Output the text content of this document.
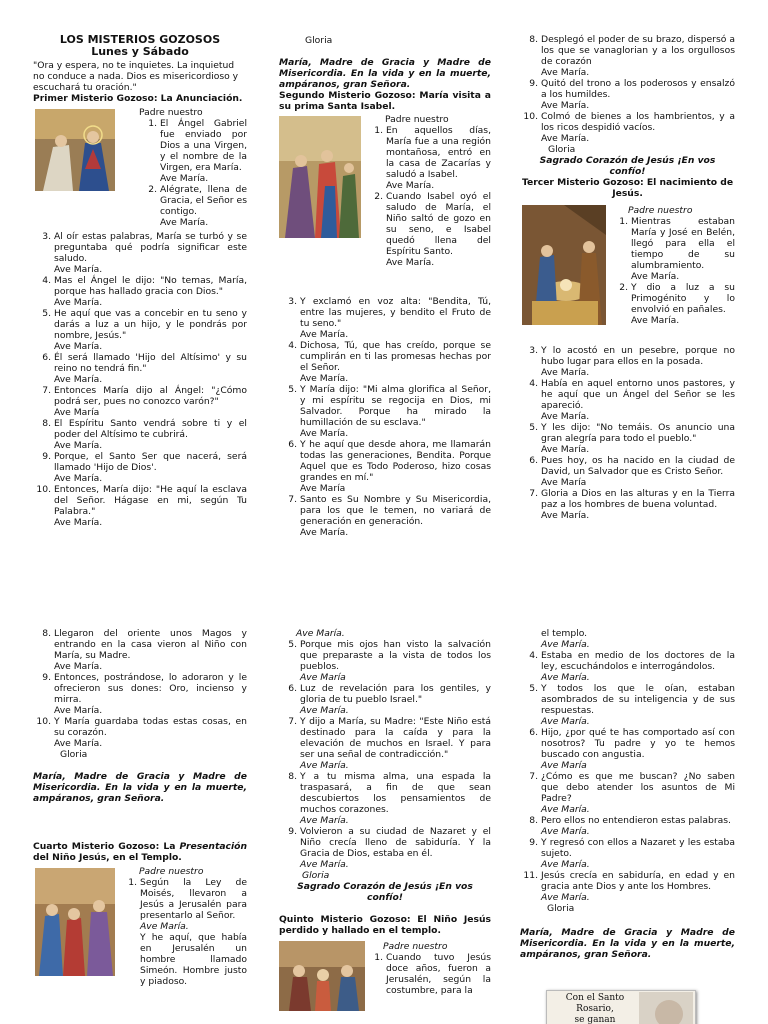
LOS MISTERIOS GOZOSOS
Lunes y Sábado
"Ora y espera, no te inquietes. La inquietud no conduce a nada. Dios es misericordioso y escuchará tu oración."
Primer Misterio Gozoso: La Anunciación.
Padre nuestro
1. El Ángel Gabriel fue enviado por Dios a una Virgen, y el nombre de la Virgen, era María.
Ave María.
2. Alégrate, llena de Gracia, el Señor es contigo.
Ave María.
3. Al oír estas palabras, María se turbó y se preguntaba qué podría significar este saludo.
Ave María.
4. Mas el Ángel le dijo: "No temas, María, porque has hallado gracia con Dios."
Ave María.
5. He aquí que vas a concebir en tu seno y darás a luz a un hijo, y le pondrás por nombre, Jesús."
Ave María.
6. Él será llamado 'Hijo del Altísimo' y su reino no tendrá fin."
Ave María.
7. Entonces María dijo al Ángel: "¿Cómo podrá ser, pues no conozco varón?"
Ave María
8. El Espíritu Santo vendrá sobre ti y el poder del Altísimo te cubrirá.
Ave María.
9. Porque, el Santo Ser que nacerá, será llamado 'Hijo de Dios'.
Ave María.
10. Entonces, María dijo: "He aquí la esclava del Señor. Hágase en mi, según Tu Palabra."
Ave María.
Gloria
María, Madre de Gracia y Madre de Misericordia. En la vida y en la muerte, ampáranos, gran Señora.
Segundo Misterio Gozoso: María visita a su prima Santa Isabel.
Padre nuestro
1. En aquellos días, María fue a una región montañosa, entró en la casa de Zacarías y saludó a Isabel.
Ave María.
2. Cuando Isabel oyó el saludo de María, el Niño saltó de gozo en su seno, e Isabel quedó llena del Espíritu Santo.
Ave María.
3. Y exclamó en voz alta: "Bendita, Tú, entre las mujeres, y bendito el Fruto de tu seno."
Ave María.
4. Dichosa, Tú, que has creído, porque se cumplirán en ti las promesas hechas por el Señor.
Ave María.
5. Y María dijo: "Mi alma glorifica al Señor, y mi espíritu se regocija en Dios, mi Salvador. Porque ha mirado la humillación de su esclava."
Ave María.
6. Y he aquí que desde ahora, me llamarán todas las generaciones, Bendita. Porque Aquel que es Todo Poderoso, hizo cosas grandes en mí."
Ave María
7. Santo es Su Nombre y Su Misericordia, para los que le temen, no variará de generación en generación.
Ave María.
8. Desplegó el poder de su brazo, dispersó a los que se vanaglorian y a los orgullosos de corazón
Ave María.
9. Quitó del trono a los poderosos y ensalzó a los humildes.
Ave María.
10. Colmó de bienes a los hambrientos, y a los ricos despidió vacíos.
Ave María.
Gloria
Sagrado Corazón de Jesús ¡En vos confío!
Tercer Misterio Gozoso: El nacimiento de Jesús.
Padre nuestro
1. Mientras estaban María y José en Belén, llegó para ella el tiempo de su alumbramiento.
Ave María.
2. Y dio a luz a su Primogénito y lo envolvió en pañales.
Ave María.
3. Y lo acostó en un pesebre, porque no hubo lugar para ellos en la posada.
Ave María.
4. Había en aquel entorno unos pastores, y he aquí que un Ángel del Señor se les apareció.
Ave María.
5. Y les dijo: "No temáis. Os anuncio una gran alegría para todo el pueblo."
Ave María.
6. Pues hoy, os ha nacido en la ciudad de David, un Salvador que es Cristo Señor.
Ave María
7. Gloria a Dios en las alturas y en la Tierra paz a los hombres de buena voluntad.
Ave María.
8. Llegaron del oriente unos Magos y entrando en la casa vieron al Niño con María, su Madre.
Ave María.
9. Entonces, postrándose, lo adoraron y le ofrecieron sus dones: Oro, incienso y mirra.
Ave María.
10. Y María guardaba todas estas cosas, en su corazón.
Ave María.
Gloria
María, Madre de Gracia y Madre de Misericordia. En la vida y en la muerte, ampáranos, gran Señora.
Cuarto Misterio Gozoso: La Presentación del Niño Jesús, en el Templo.
Padre nuestro
1. Según la Ley de Moisés, llevaron a Jesús a Jerusalén para presentarlo al Señor.
Ave María.
Y he aquí, que había en Jerusalén un hombre llamado Simeón. Hombre justo y piadoso.
Ave María.
5. Porque mis ojos han visto la salvación que preparaste a la vista de todos los pueblos.
Ave María
6. Luz de revelación para los gentiles, y gloria de tu pueblo Israel."
Ave María.
7. Y dijo a María, su Madre: "Este Niño está destinado para la caída y para la elevación de muchos en Israel. Y para ser una señal de contradicción."
Ave María.
8. Y a tu misma alma, una espada la traspasará, a fin de que sean descubiertos los pensamientos de muchos corazones.
Ave María.
9. Volvieron a su ciudad de Nazaret y el Niño crecía lleno de sabiduría. Y la Gracia de Dios, estaba en él.
Ave María.
Gloria
Sagrado Corazón de Jesús ¡En vos confío!
Quinto Misterio Gozoso: El Niño Jesús perdido y hallado en el templo.
Padre nuestro
1. Cuando tuvo Jesús doce años, fueron a Jerusalén, según la costumbre, para la
el templo.
Ave María.
4. Estaba en medio de los doctores de la ley, escuchándolos e interrogándolos.
Ave María.
5. Y todos los que le oían, estaban asombrados de su inteligencia y de sus respuestas.
Ave María.
6. Hijo, ¿por qué te has comportado así con nosotros? Tu padre y yo te hemos buscado con angustia.
Ave María
7. ¿Cómo es que me buscan? ¿No saben que debo atender los asuntos de Mi Padre?
Ave María.
8. Pero ellos no entendieron estas palabras.
Ave María.
9. Y regresó con ellos a Nazaret y les estaba sujeto.
Ave María.
11. Jesús crecía en sabiduría, en edad y en gracia ante Dios y ante los Hombres.
Ave María.
Gloria
María, Madre de Gracia y Madre de Misericordia. En la vida y en la muerte, ampáranos, gran Señora.
Con el Santo
Rosario,
se ganan
